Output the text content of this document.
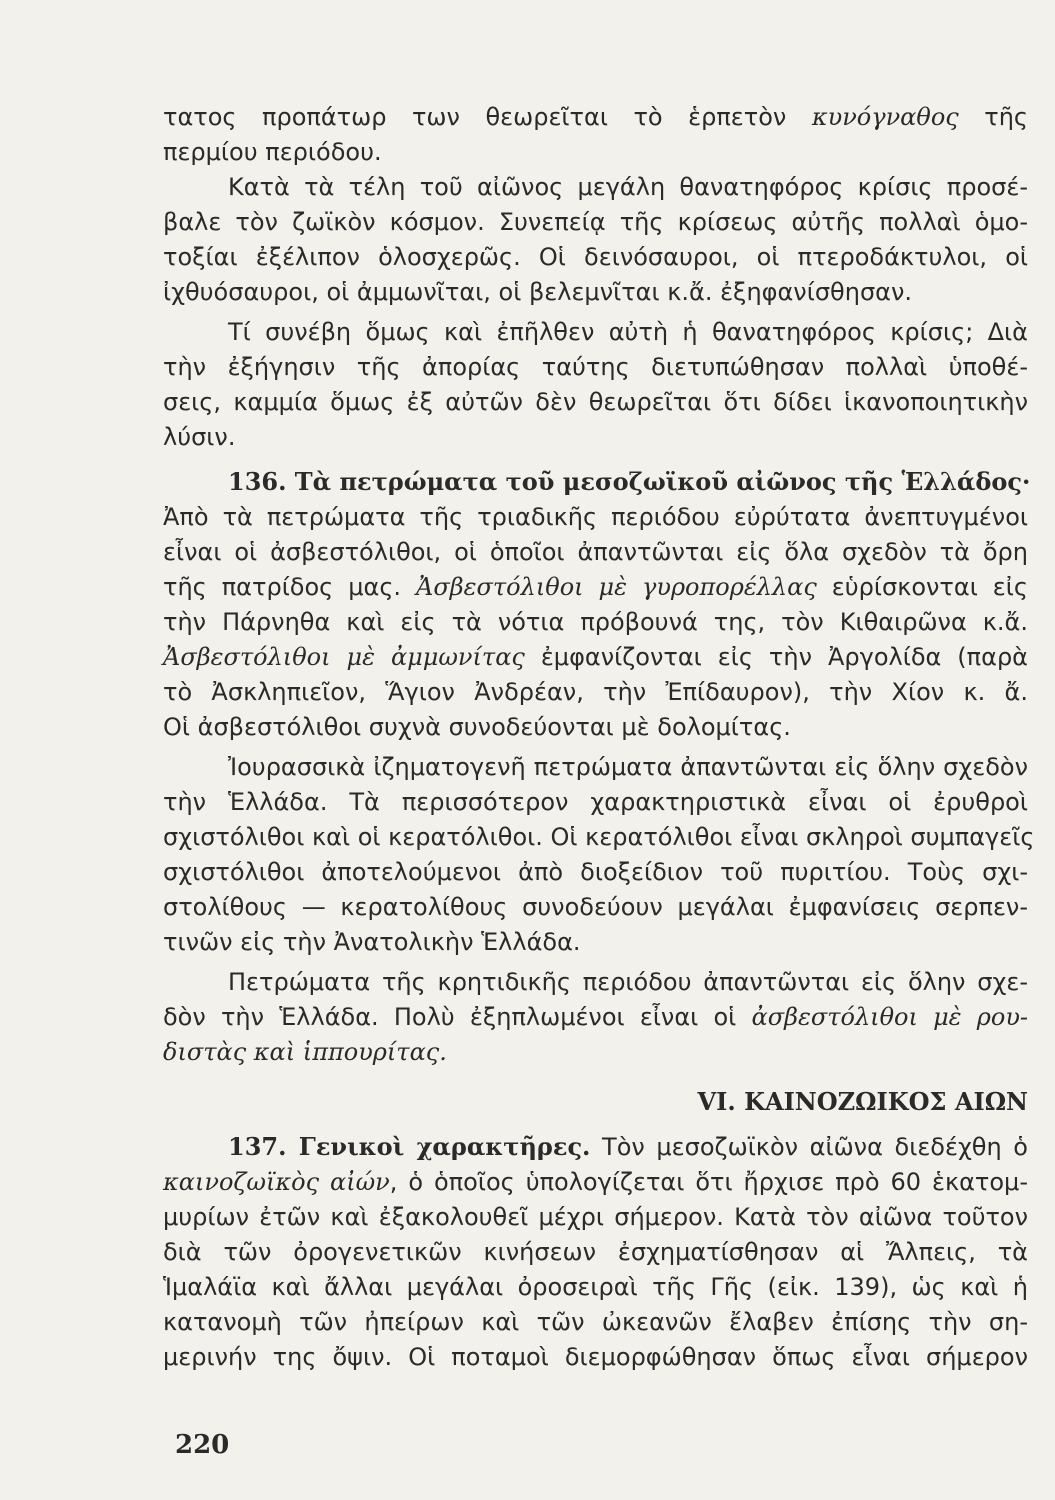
τατος προπάτωρ των θεωρεῖται τὸ ἑρπετὸν κυνόγναθος τῆς
περμίου περιόδου.
Κατὰ τὰ τέλη τοῦ αἰῶνος μεγάλη θανατηφόρος κρίσις προσέ-
βαλε τὸν ζωϊκὸν κόσμον. Συνεπείᾳ τῆς κρίσεως αὐτῆς πολλαὶ ὁμο-
τοξίαι ἐξέλιπον ὁλοσχερῶς. Οἱ δεινόσαυροι, οἱ πτεροδάκτυλοι, οἱ
ἰχθυόσαυροι, οἱ ἀμμωνῖται, οἱ βελεμνῖται κ.ἄ. ἐξηφανίσθησαν.
Τί συνέβη ὅμως καὶ ἐπῆλθεν αὐτὴ ἡ θανατηφόρος κρίσις; Διὰ
τὴν ἐξήγησιν τῆς ἀπορίας ταύτης διετυπώθησαν πολλαὶ ὑποθέ-
σεις, καμμία ὅμως ἐξ αὐτῶν δὲν θεωρεῖται ὅτι δίδει ἱκανοποιητικὴν
λύσιν.
136. Τὰ πετρώματα τοῦ μεσοζωϊκοῦ αἰῶνος τῆς Ἑλλάδος·
Ἀπὸ τὰ πετρώματα τῆς τριαδικῆς περιόδου εὐρύτατα ἀνεπτυγμένοι
εἶναι οἱ ἀσβεστόλιθοι, οἱ ὁποῖοι ἀπαντῶνται εἰς ὅλα σχεδὸν τὰ ὄρη
τῆς πατρίδος μας. Ἀσβεστόλιθοι μὲ γυροπορέλλας εὑρίσκονται εἰς
τὴν Πάρνηθα καὶ εἰς τὰ νότια πρόβουνά της, τὸν Κιθαιρῶνα κ.ἄ.
Ἀσβεστόλιθοι μὲ ἀμμωνίτας ἐμφανίζονται εἰς τὴν Ἀργολίδα (παρὰ
τὸ Ἀσκληπιεῖον, Ἅγιον Ἀνδρέαν, τὴν Ἐπίδαυρον), τὴν Χίον κ. ἄ.
Οἱ ἀσβεστόλιθοι συχνὰ συνοδεύονται μὲ δολομίτας.
Ἰουρασσικὰ ἰζηματογενῆ πετρώματα ἀπαντῶνται εἰς ὅλην σχεδὸν
τὴν Ἑλλάδα. Τὰ περισσότερον χαρακτηριστικὰ εἶναι οἱ ἐρυθροὶ
σχιστόλιθοι καὶ οἱ κερατόλιθοι. Οἱ κερατόλιθοι εἶναι σκληροὶ συμπαγεῖς
σχιστόλιθοι ἀποτελούμενοι ἀπὸ διοξείδιον τοῦ πυριτίου. Τοὺς σχι-
στολίθους — κερατολίθους συνοδεύουν μεγάλαι ἐμφανίσεις σερπεν-
τινῶν εἰς τὴν Ἀνατολικὴν Ἑλλάδα.
Πετρώματα τῆς κρητιδικῆς περιόδου ἀπαντῶνται εἰς ὅλην σχε-
δὸν τὴν Ἑλλάδα. Πολὺ ἐξηπλωμένοι εἶναι οἱ ἀσβεστόλιθοι μὲ ρου-
διστὰς καὶ ἱππουρίτας.
VI. ΚΑΙΝΟΖΩΙΚΟΣ ΑΙΩΝ
137. Γενικοὶ χαρακτῆρες. Τὸν μεσοζωϊκὸν αἰῶνα διεδέχθη ὁ
καινοζωϊκὸς αἰών, ὁ ὁποῖος ὑπολογίζεται ὅτι ἤρχισε πρὸ 60 ἑκατομ-
μυρίων ἐτῶν καὶ ἐξακολουθεῖ μέχρι σήμερον. Κατὰ τὸν αἰῶνα τοῦτον
διὰ τῶν ὀρογενετικῶν κινήσεων ἐσχηματίσθησαν αἱ Ἄλπεις, τὰ
Ἱμαλάϊα καὶ ἄλλαι μεγάλαι ὀροσειραὶ τῆς Γῆς (εἰκ. 139), ὡς καὶ ἡ
κατανομὴ τῶν ἠπείρων καὶ τῶν ὠκεανῶν ἔλαβεν ἐπίσης τὴν ση-
μερινήν της ὄψιν. Οἱ ποταμοὶ διεμορφώθησαν ὅπως εἶναι σήμερον
220
